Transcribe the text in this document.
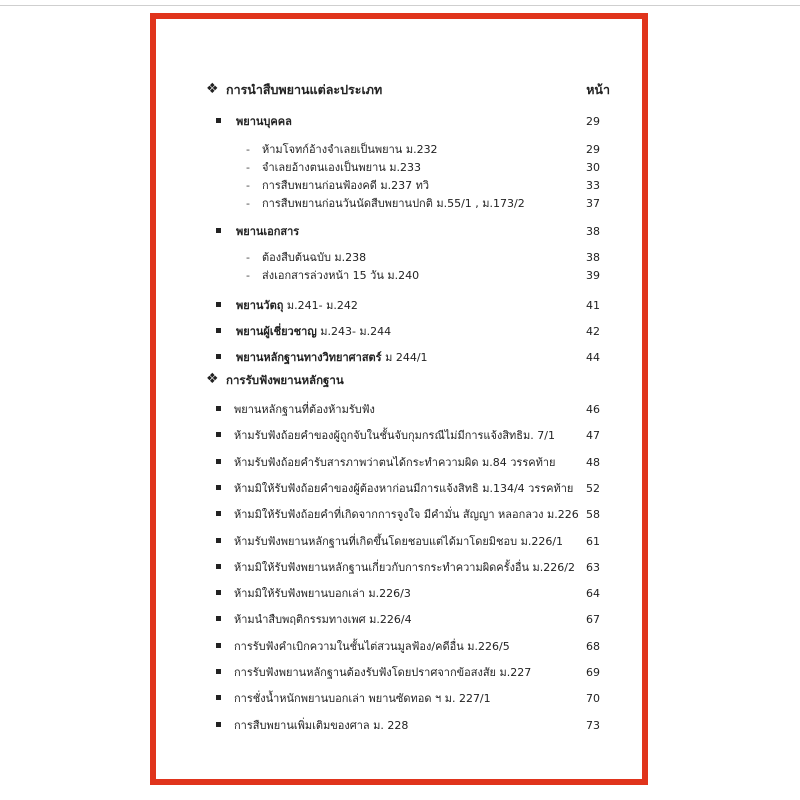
❖ การนำสืบพยานแต่ละประเภท	หน้า
พยานบุคคล	29
- ห้ามโจทก์อ้างจำเลยเป็นพยาน ม.232	29
- จำเลยอ้างตนเองเป็นพยาน ม.233	30
- การสืบพยานก่อนฟ้องคดี ม.237 ทวิ	33
- การสืบพยานก่อนวันนัดสืบพยานปกติ ม.55/1 , ม.173/2	37
พยานเอกสาร	38
- ต้องสืบต้นฉบับ ม.238	38
- ส่งเอกสารล่วงหน้า 15 วัน ม.240	39
พยานวัตถุ ม.241- ม.242	41
พยานผู้เชี่ยวชาญ ม.243- ม.244	42
พยานหลักฐานทางวิทยาศาสตร์ ม 244/1	44
❖ การรับฟังพยานหลักฐาน
พยานหลักฐานที่ต้องห้ามรับฟัง	46
ห้ามรับฟังถ้อยคำของผู้ถูกจับในชั้นจับกุมกรณีไม่มีการแจ้งสิทธิม. 7/1	47
ห้ามรับฟังถ้อยคำรับสารภาพว่าตนได้กระทำความผิด ม.84 วรรคท้าย	48
ห้ามมิให้รับฟังถ้อยคำของผู้ต้องหาก่อนมีการแจ้งสิทธิ ม.134/4 วรรคท้าย 52
ห้ามมิให้รับฟังถ้อยคำที่เกิดจากการจูงใจ มีคำมั่น สัญญา หลอกลวง ม.226 58
ห้ามรับฟังพยานหลักฐานที่เกิดขึ้นโดยชอบแต่ได้มาโดยมิชอบ ม.226/1 61
ห้ามมิให้รับฟังพยานหลักฐานเกี่ยวกับการกระทำความผิดครั้งอื่น ม.226/2 63
ห้ามมิให้รับฟังพยานบอกเล่า ม.226/3	64
ห้ามนำสืบพฤติกรรมทางเพศ ม.226/4	67
การรับฟังคำเบิกความในชั้นไต่สวนมูลฟ้อง/คดีอื่น ม.226/5	68
การรับฟังพยานหลักฐานต้องรับฟังโดยปราศจากข้อสงสัย ม.227	69
การชั่งน้ำหนักพยานบอกเล่า พยานซัดทอด ฯ ม. 227/1	70
การสืบพยานเพิ่มเติมของศาล ม. 228	73
